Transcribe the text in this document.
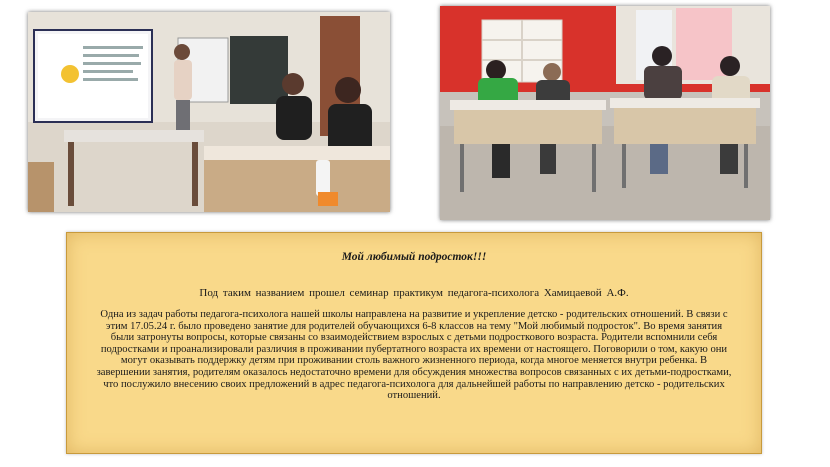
Мой любимый подросток!!!

Под таким названием прошел семинар практикум педагога-психолога Хамицаевой А.Ф.

Одна из задач работы педагога-психолога нашей школы направлена на развитие и укрепление детско - родительских отношений. В связи с этим 17.05.24 г. было проведено занятие для родителей обучающихся 6-8 классов на тему "Мой любимый подросток". Во время занятия были затронуты вопросы, которые связаны со взаимодействием взрослых с детьми подросткового возраста. Родители вспомнили себя подростками и проанализировали различия в проживании пубертатного возраста их времени от настоящего. Поговорили о том, какую они могут оказывать поддержку детям при проживании столь важного жизненного периода, когда многое меняется внутри ребенка. В завершении занятия, родителям оказалось недостаточно времени для обсуждения множества вопросов связанных с их детьми-подростками, что послужило внесению своих предложений в адрес педагога-психолога для дальнейшей работы по направлению детско - родительских отношений.
